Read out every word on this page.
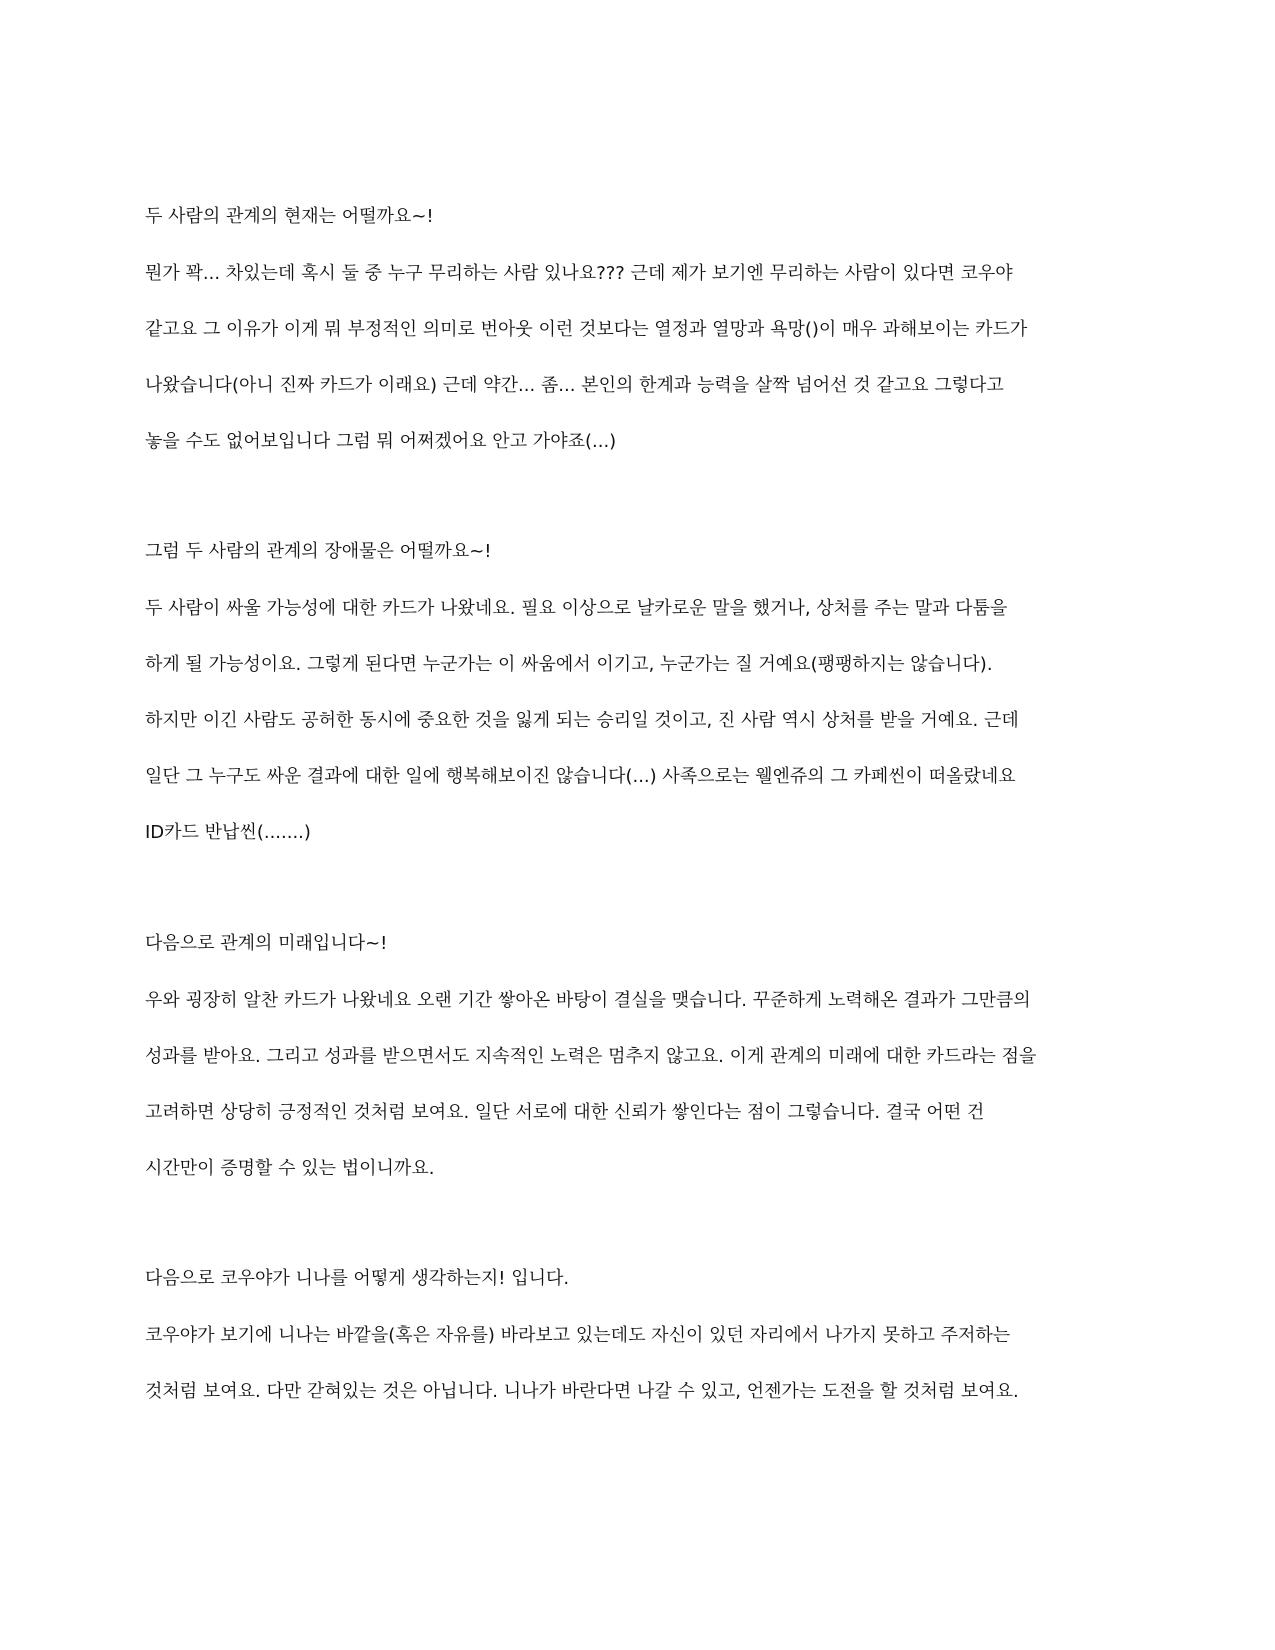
두 사람의 관계의 현재는 어떨까요~!
뭔가 꽉... 차있는데 혹시 둘 중 누구 무리하는 사람 있나요??? 근데 제가 보기엔 무리하는 사람이 있다면 코우야
같고요 그 이유가 이게 뭐 부정적인 의미로 번아웃 이런 것보다는 열정과 열망과 욕망()이 매우 과해보이는 카드가
나왔습니다(아니 진짜 카드가 이래요) 근데 약간... 좀... 본인의 한계과 능력을 살짝 넘어선 것 같고요 그렇다고
놓을 수도 없어보입니다 그럼 뭐 어쩌겠어요 안고 가야죠(...)
그럼 두 사람의 관계의 장애물은 어떨까요~!
두 사람이 싸울 가능성에 대한 카드가 나왔네요. 필요 이상으로 날카로운 말을 했거나, 상처를 주는 말과 다툼을
하게 될 가능성이요. 그렇게 된다면 누군가는 이 싸움에서 이기고, 누군가는 질 거예요(팽팽하지는 않습니다).
하지만 이긴 사람도 공허한 동시에 중요한 것을 잃게 되는 승리일 것이고, 진 사람 역시 상처를 받을 거예요. 근데
일단 그 누구도 싸운 결과에 대한 일에 행복해보이진 않습니다(...) 사족으로는 웰엔쥬의 그 카페씬이 떠올랐네요
ID카드 반납씬(.......)
다음으로 관계의 미래입니다~!
우와 굉장히 알찬 카드가 나왔네요 오랜 기간 쌓아온 바탕이 결실을 맺습니다. 꾸준하게 노력해온 결과가 그만큼의
성과를 받아요. 그리고 성과를 받으면서도 지속적인 노력은 멈추지 않고요. 이게 관계의 미래에 대한 카드라는 점을
고려하면 상당히 긍정적인 것처럼 보여요. 일단 서로에 대한 신뢰가 쌓인다는 점이 그렇습니다. 결국 어떤 건
시간만이 증명할 수 있는 법이니까요.
다음으로 코우야가 니나를 어떻게 생각하는지! 입니다.
코우야가 보기에 니나는 바깥을(혹은 자유를) 바라보고 있는데도 자신이 있던 자리에서 나가지 못하고 주저하는
것처럼 보여요. 다만 갇혀있는 것은 아닙니다. 니나가 바란다면 나갈 수 있고, 언젠가는 도전을 할 것처럼 보여요.
